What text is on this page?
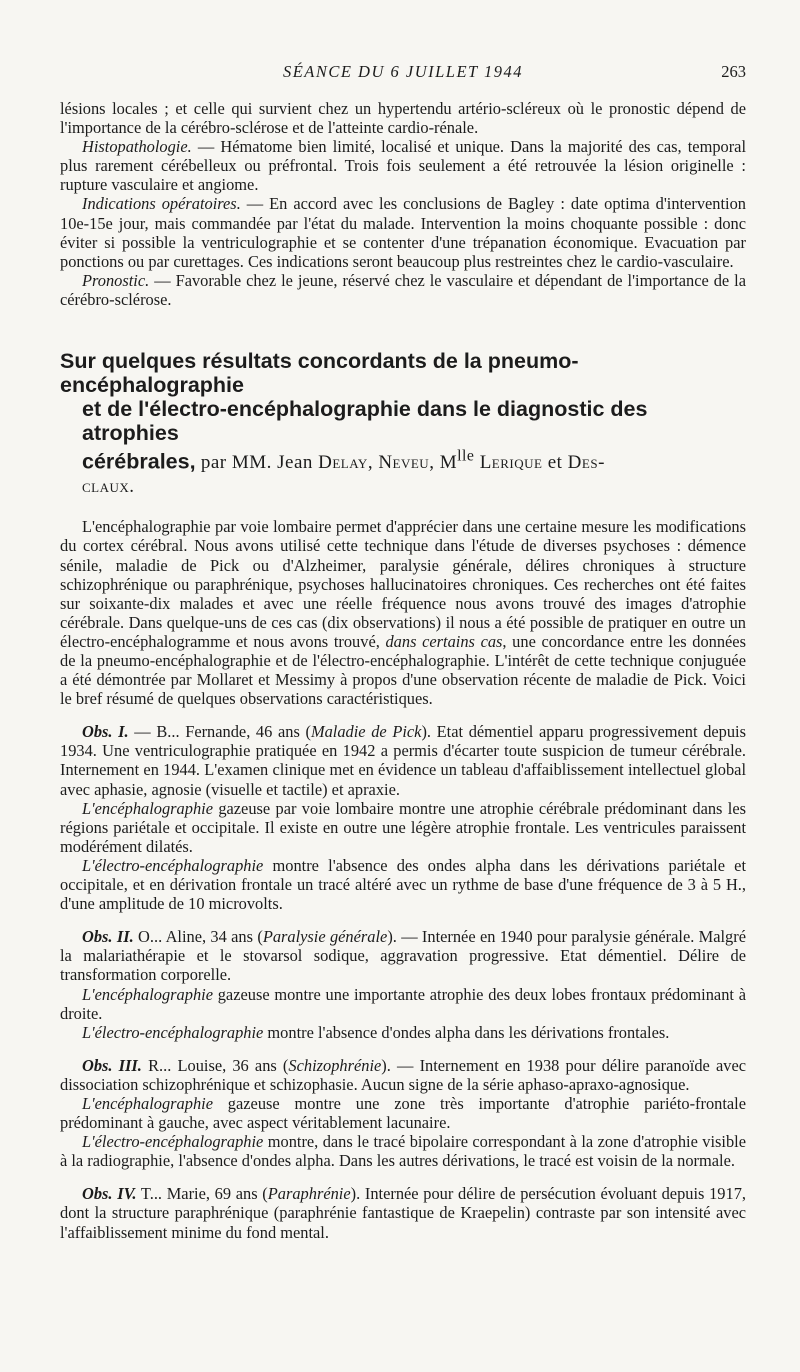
SÉANCE DU 6 JUILLET 1944	263

lésions locales ; et celle qui survient chez un hypertendu artério-scléreux où le pronostic dépend de l'importance de la cérébro-sclérose et de l'atteinte cardio-rénale.

Histopathologie. — Hématome bien limité, localisé et unique. Dans la majorité des cas, temporal plus rarement cérébelleux ou préfrontal. Trois fois seulement a été retrouvée la lésion originelle : rupture vasculaire et angiome.

Indications opératoires. — En accord avec les conclusions de Bagley : date optima d'intervention 10e-15e jour, mais commandée par l'état du malade. Intervention la moins choquante possible : donc éviter si possible la ventriculographie et se contenter d'une trépanation économique. Evacuation par ponctions ou par curettages. Ces indications seront beaucoup plus restreintes chez le cardio-vasculaire.

Pronostic. — Favorable chez le jeune, réservé chez le vasculaire et dépendant de l'importance de la cérébro-sclérose.

Sur quelques résultats concordants de la pneumo-encéphalographie
et de l'électro-encéphalographie dans le diagnostic des atrophies
cérébrales, par MM. Jean Delay, Neveu, $M^{lle}$ Lerique et Des-
claux.

L'encéphalographie par voie lombaire permet d'apprécier dans une certaine mesure les modifications du cortex cérébral. Nous avons utilisé cette technique dans l'étude de diverses psychoses : démence sénile, maladie de Pick ou d'Alzheimer, paralysie générale, délires chroniques à structure schizophrénique ou paraphrénique, psychoses hallucinatoires chroniques. Ces recherches ont été faites sur soixante-dix malades et avec une réelle fréquence nous avons trouvé des images d'atrophie cérébrale. Dans quelque-uns de ces cas (dix observations) il nous a été possible de pratiquer en outre un électro-encéphalogramme et nous avons trouvé, dans certains cas, une concordance entre les données de la pneumo-encéphalographie et de l'électro-encéphalographie. L'intérêt de cette technique conjuguée a été démontrée par Mollaret et Messimy à propos d'une observation récente de maladie de Pick. Voici le bref résumé de quelques observations caractéristiques.

Obs. I. — B... Fernande, 46 ans (Maladie de Pick). Etat démentiel apparu progressivement depuis 1934. Une ventriculographie pratiquée en 1942 a permis d'écarter toute suspicion de tumeur cérébrale. Internement en 1944. L'examen clinique met en évidence un tableau d'affaiblissement intellectuel global avec aphasie, agnosie (visuelle et tactile) et apraxie.

L'encéphalographie gazeuse par voie lombaire montre une atrophie cérébrale prédominant dans les régions pariétale et occipitale. Il existe en outre une légère atrophie frontale. Les ventricules paraissent modérément dilatés.

L'électro-encéphalographie montre l'absence des ondes alpha dans les dérivations pariétale et occipitale, et en dérivation frontale un tracé altéré avec un rythme de base d'une fréquence de 3 à 5 H., d'une amplitude de 10 microvolts.

Obs. II. O... Aline, 34 ans (Paralysie générale). — Internée en 1940 pour paralysie générale. Malgré la malariathérapie et le stovarsol sodique, aggravation progressive. Etat démentiel. Délire de transformation corporelle.

L'encéphalographie gazeuse montre une importante atrophie des deux lobes frontaux prédominant à droite.

L'électro-encéphalographie montre l'absence d'ondes alpha dans les dérivations frontales.

Obs. III. R... Louise, 36 ans (Schizophrénie). — Internement en 1938 pour délire paranoïde avec dissociation schizophrénique et schizophasie. Aucun signe de la série aphaso-apraxo-agnosique.

L'encéphalographie gazeuse montre une zone très importante d'atrophie pariéto-frontale prédominant à gauche, avec aspect véritablement lacunaire.

L'électro-encéphalographie montre, dans le tracé bipolaire correspondant à la zone d'atrophie visible à la radiographie, l'absence d'ondes alpha. Dans les autres dérivations, le tracé est voisin de la normale.

Obs. IV. T... Marie, 69 ans (Paraphrénie). Internée pour délire de persécution évoluant depuis 1917, dont la structure paraphrénique (paraphrénie fantastique de Kraepelin) contraste par son intensité avec l'affaiblissement minime du fond mental.
